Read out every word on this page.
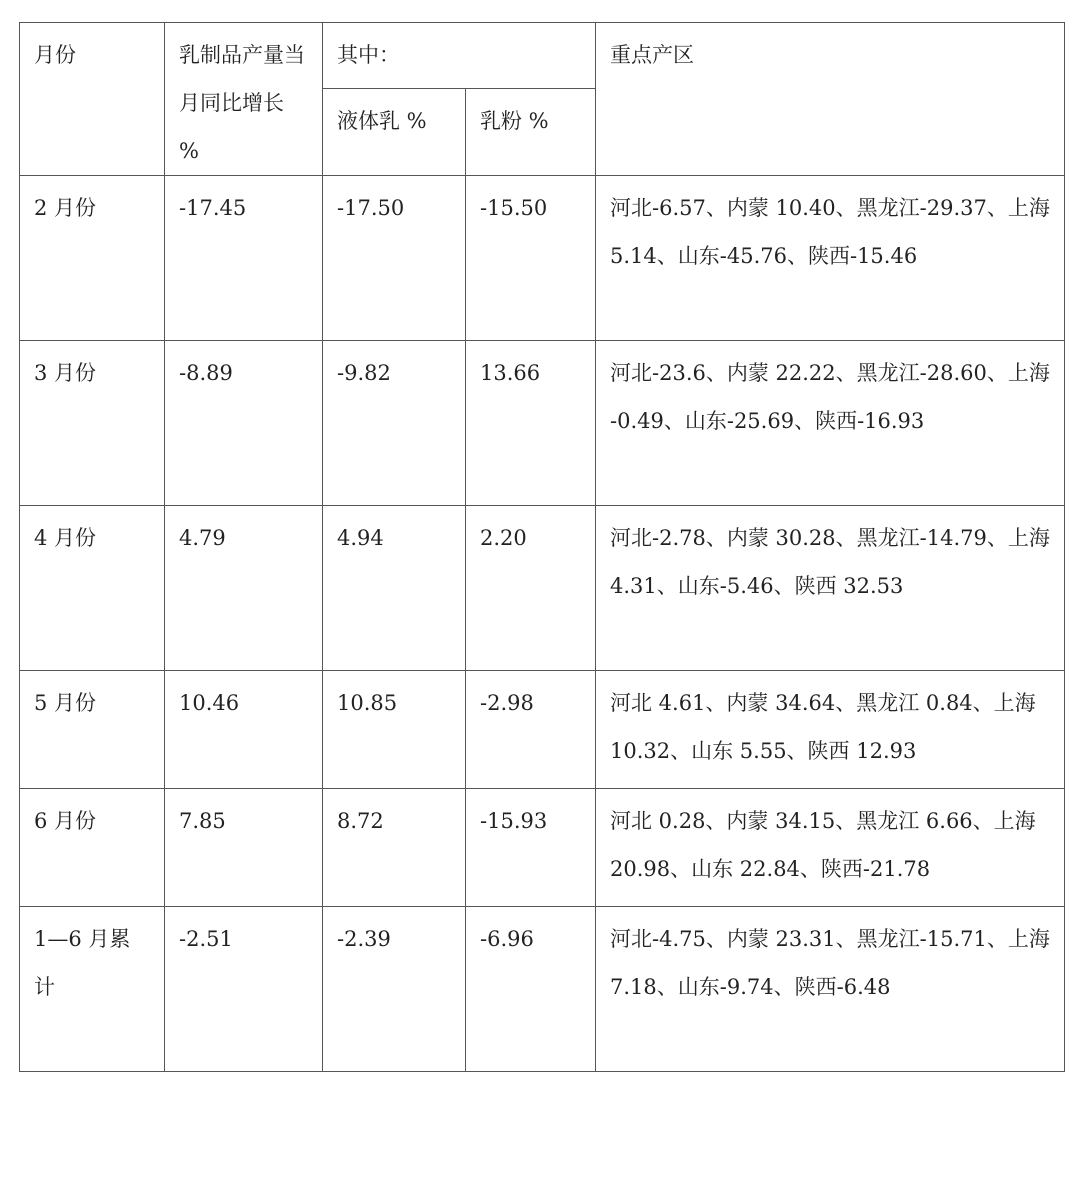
月份	乳制品产量当月同比增长 %	其中：		重点产区
		液体乳 %	乳粉 %	
2 月份	-17.45	-17.50	-15.50	河北-6.57、内蒙 10.40、黑龙江-29.37、上海 5.14、山东-45.76、陕西-15.46
3 月份	-8.89	-9.82	13.66	河北-23.6、内蒙 22.22、黑龙江-28.60、上海 -0.49、山东-25.69、陕西-16.93
4 月份	4.79	4.94	2.20	河北-2.78、内蒙 30.28、黑龙江-14.79、上海 4.31、山东-5.46、陕西 32.53
5 月份	10.46	10.85	-2.98	河北 4.61、内蒙 34.64、黑龙江 0.84、上海 10.32、山东 5.55、陕西 12.93
6 月份	7.85	8.72	-15.93	河北 0.28、内蒙 34.15、黑龙江 6.66、上海 20.98、山东 22.84、陕西-21.78
1—6 月累计	-2.51	-2.39	-6.96	河北-4.75、内蒙 23.31、黑龙江-15.71、上海 7.18、山东-9.74、陕西-6.48
